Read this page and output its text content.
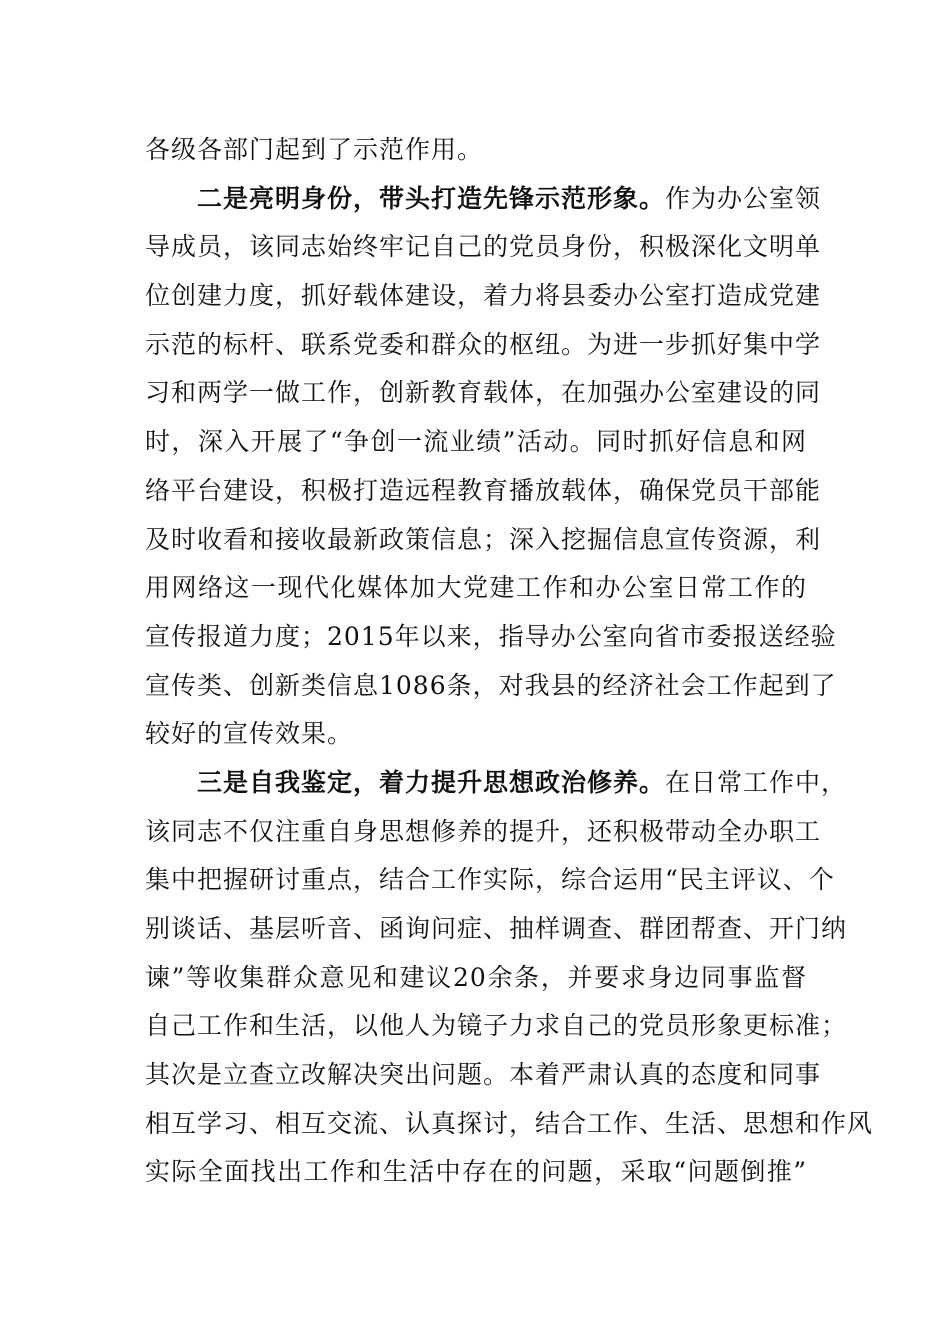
各级各部门起到了示范作用。
二是亮明身份，带头打造先锋示范形象。作为办公室领
导成员，该同志始终牢记自己的党员身份，积极深化文明单
位创建力度，抓好载体建设，着力将县委办公室打造成党建
示范的标杆、联系党委和群众的枢纽。为进一步抓好集中学
习和两学一做工作，创新教育载体，在加强办公室建设的同
时，深入开展了“争创一流业绩”活动。同时抓好信息和网
络平台建设，积极打造远程教育播放载体，确保党员干部能
及时收看和接收最新政策信息；深入挖掘信息宣传资源，利
用网络这一现代化媒体加大党建工作和办公室日常工作的
宣传报道力度；2015年以来，指导办公室向省市委报送经验
宣传类、创新类信息1086条，对我县的经济社会工作起到了
较好的宣传效果。
三是自我鉴定，着力提升思想政治修养。在日常工作中，
该同志不仅注重自身思想修养的提升，还积极带动全办职工
集中把握研讨重点，结合工作实际，综合运用“民主评议、个
别谈话、基层听音、函询问症、抽样调查、群团帮查、开门纳
谏”等收集群众意见和建议20余条，并要求身边同事监督
自己工作和生活，以他人为镜子力求自己的党员形象更标准；
其次是立查立改解决突出问题。本着严肃认真的态度和同事
相互学习、相互交流、认真探讨，结合工作、生活、思想和作风
实际全面找出工作和生活中存在的问题，采取“问题倒推”
